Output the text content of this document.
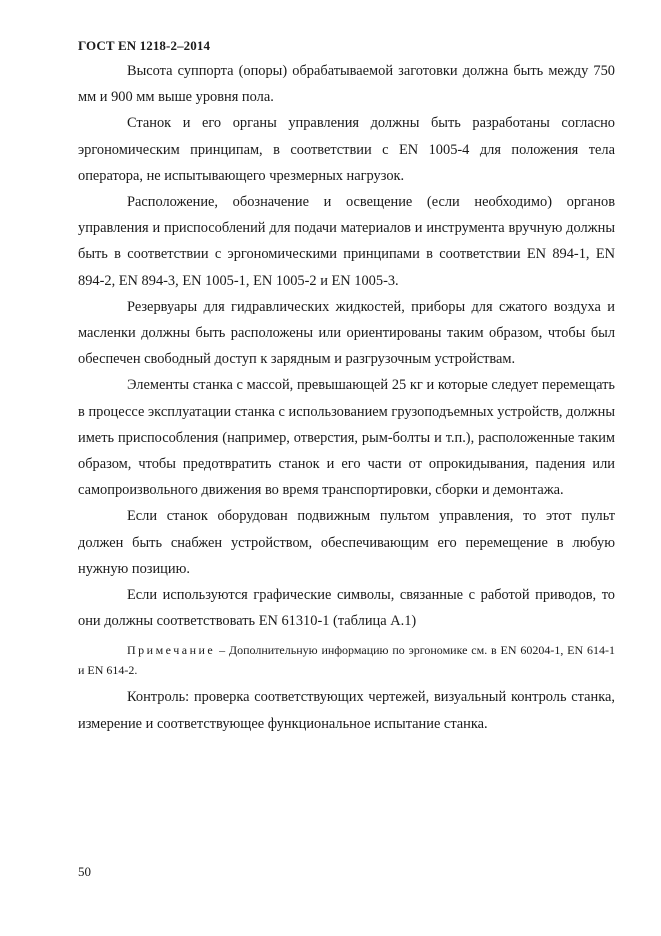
ГОСТ EN 1218-2–2014

Высота суппорта (опоры) обрабатываемой заготовки должна быть между 750 мм и 900 мм выше уровня пола.

Станок и его органы управления должны быть разработаны согласно эргономическим принципам, в соответствии с EN 1005-4 для положения тела оператора, не испытывающего чрезмерных нагрузок.

Расположение, обозначение и освещение (если необходимо) органов управления и приспособлений для подачи материалов и инструмента вручную должны быть в соответствии с эргономическими принципами в соответствии EN 894-1, EN 894-2, EN 894-3, EN 1005-1, EN 1005-2 и EN 1005-3.

Резервуары для гидравлических жидкостей, приборы для сжатого воздуха и масленки должны быть расположены или ориентированы таким образом, чтобы был обеспечен свободный доступ к зарядным и разгрузочным устройствам.

Элементы станка с массой, превышающей 25 кг и которые следует перемещать в процессе эксплуатации станка с использованием грузоподъемных устройств, должны иметь приспособления (например, отверстия, рым-болты и т.п.), расположенные таким образом, чтобы предотвратить станок и его части от опрокидывания, падения или самопроизвольного движения во время транспортировки, сборки и демонтажа.

Если станок оборудован подвижным пультом управления, то этот пульт должен быть снабжен устройством, обеспечивающим его перемещение в любую нужную позицию.

Если используются графические символы, связанные с работой приводов, то они должны соответствовать EN 61310-1 (таблица А.1)

Примечание – Дополнительную информацию по эргономике см. в EN 60204-1, EN 614-1 и EN 614-2.

Контроль: проверка соответствующих чертежей, визуальный контроль станка, измерение и соответствующее функциональное испытание станка.

50
